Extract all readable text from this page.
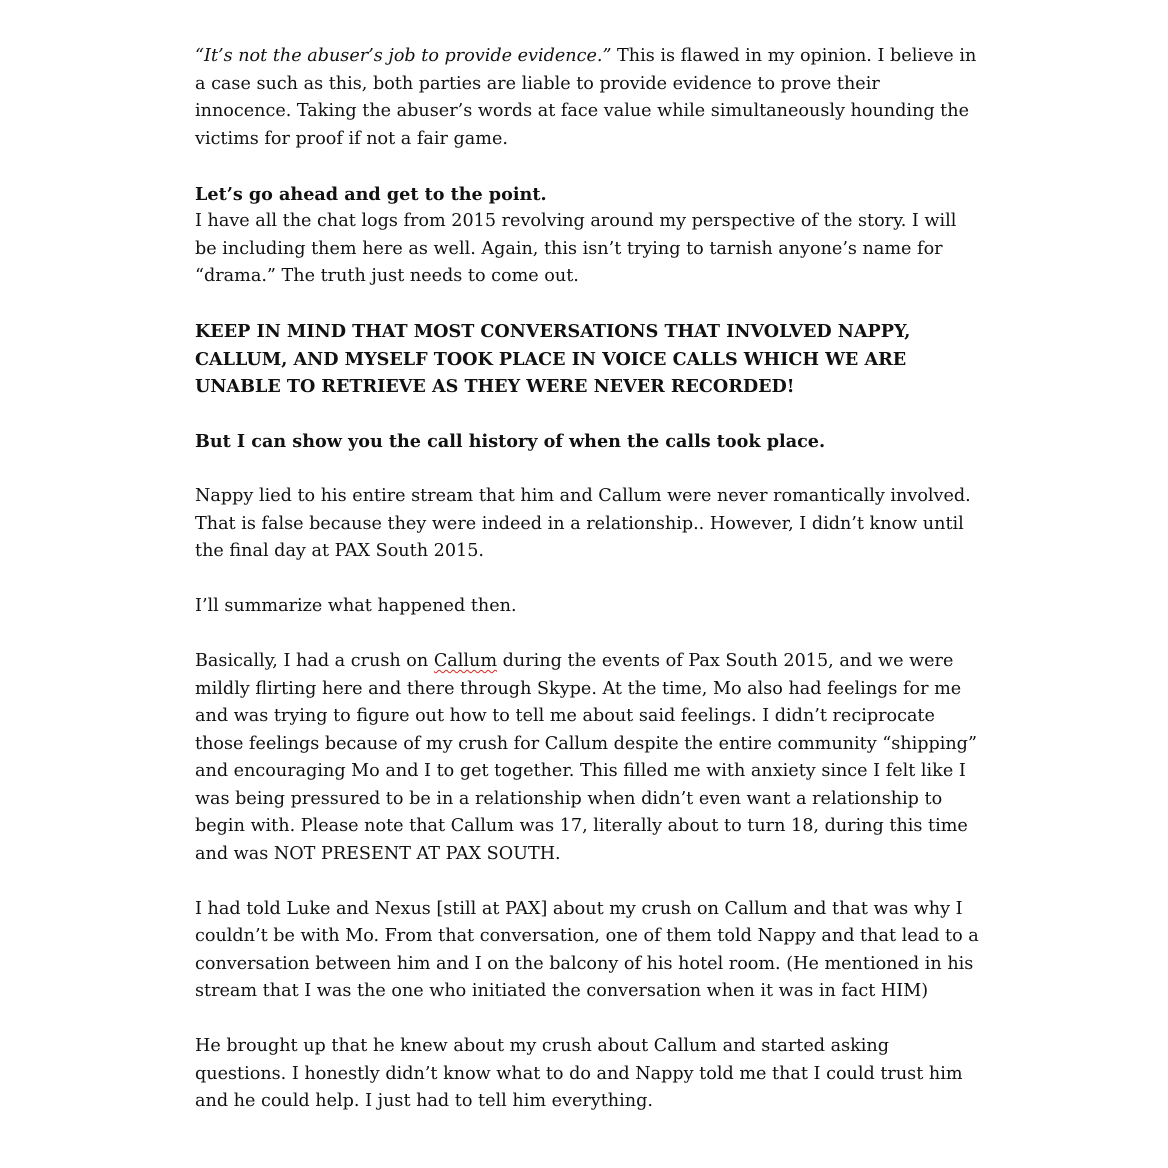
“It’s not the abuser’s job to provide evidence.” This is flawed in my opinion. I believe in a case such as this, both parties are liable to provide evidence to prove their innocence. Taking the abuser’s words at face value while simultaneously hounding the victims for proof if not a fair game.

Let’s go ahead and get to the point.

I have all the chat logs from 2015 revolving around my perspective of the story. I will be including them here as well. Again, this isn’t trying to tarnish anyone’s name for “drama.” The truth just needs to come out.

KEEP IN MIND THAT MOST CONVERSATIONS THAT INVOLVED NAPPY, CALLUM, AND MYSELF TOOK PLACE IN VOICE CALLS WHICH WE ARE UNABLE TO RETRIEVE AS THEY WERE NEVER RECORDED!

But I can show you the call history of when the calls took place.

Nappy lied to his entire stream that him and Callum were never romantically involved. That is false because they were indeed in a relationship.. However, I didn’t know until the final day at PAX South 2015.

I’ll summarize what happened then.

Basically, I had a crush on Callum during the events of Pax South 2015, and we were mildly flirting here and there through Skype. At the time, Mo also had feelings for me and was trying to figure out how to tell me about said feelings. I didn’t reciprocate those feelings because of my crush for Callum despite the entire community “shipping” and encouraging Mo and I to get together. This filled me with anxiety since I felt like I was being pressured to be in a relationship when didn’t even want a relationship to begin with. Please note that Callum was 17, literally about to turn 18, during this time and was NOT PRESENT AT PAX SOUTH.

I had told Luke and Nexus [still at PAX] about my crush on Callum and that was why I couldn’t be with Mo. From that conversation, one of them told Nappy and that lead to a conversation between him and I on the balcony of his hotel room. (He mentioned in his stream that I was the one who initiated the conversation when it was in fact HIM)

He brought up that he knew about my crush about Callum and started asking questions. I honestly didn’t know what to do and Nappy told me that I could trust him and he could help. I just had to tell him everything.
